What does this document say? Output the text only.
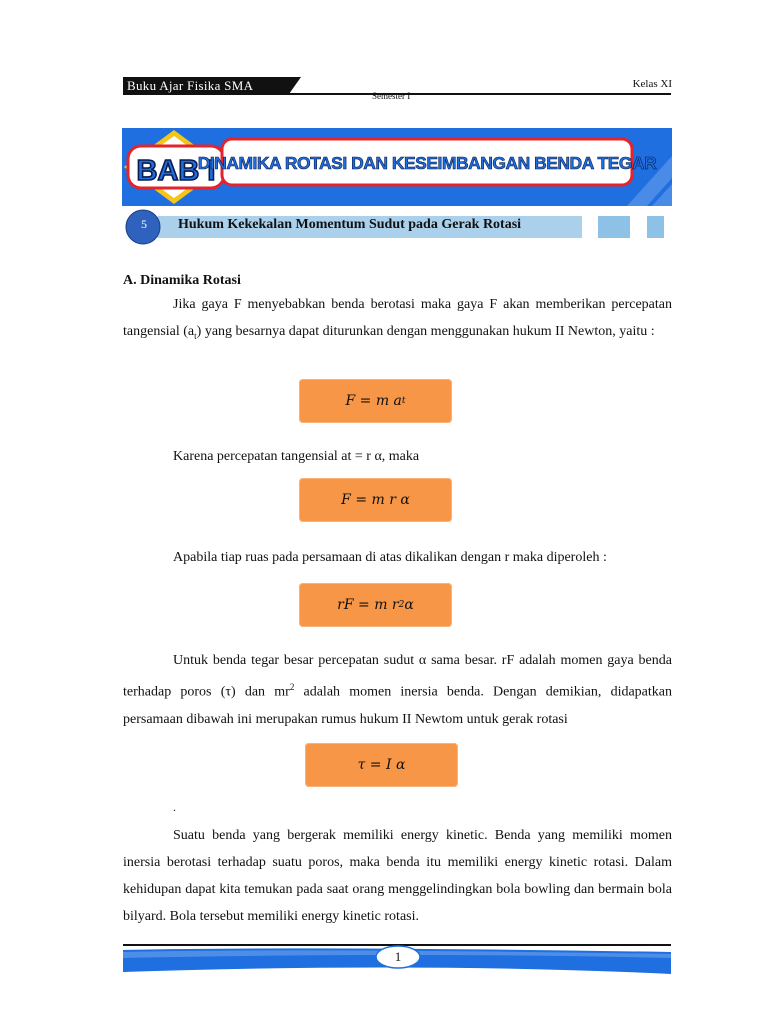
Buku Ajar Fisika SMA	Kelas XI
Semester I
BAB I
DINAMIKA ROTASI DAN KESEIMBANGAN BENDA TEGAR
5 Hukum Kekekalan Momentum Sudut pada Gerak Rotasi
A. Dinamika Rotasi
Jika gaya F menyebabkan benda berotasi maka gaya F akan memberikan percepatan tangensial $(a_t)$ yang besarnya dapat diturunkan dengan menggunakan hukum II Newton, yaitu :
F = m a t
Karena percepatan tangensial at = r α, maka
F = m r α
Apabila tiap ruas pada persamaan di atas dikalikan dengan r maka diperoleh :
rF = m r 2 α
Untuk benda tegar besar percepatan sudut α sama besar. rF adalah momen gaya benda terhadap poros (τ) dan $mr^2$ adalah momen inersia benda. Dengan demikian, didapatkan persamaan dibawah ini merupakan rumus hukum II Newtom untuk gerak rotasi
τ = I α
.
Suatu benda yang bergerak memiliki energy kinetic. Benda yang memiliki momen inersia berotasi terhadap suatu poros, maka benda itu memiliki energy kinetic rotasi. Dalam kehidupan dapat kita temukan pada saat orang menggelindingkan bola bowling dan bermain bola bilyard. Bola tersebut memiliki energy kinetic rotasi.
1
